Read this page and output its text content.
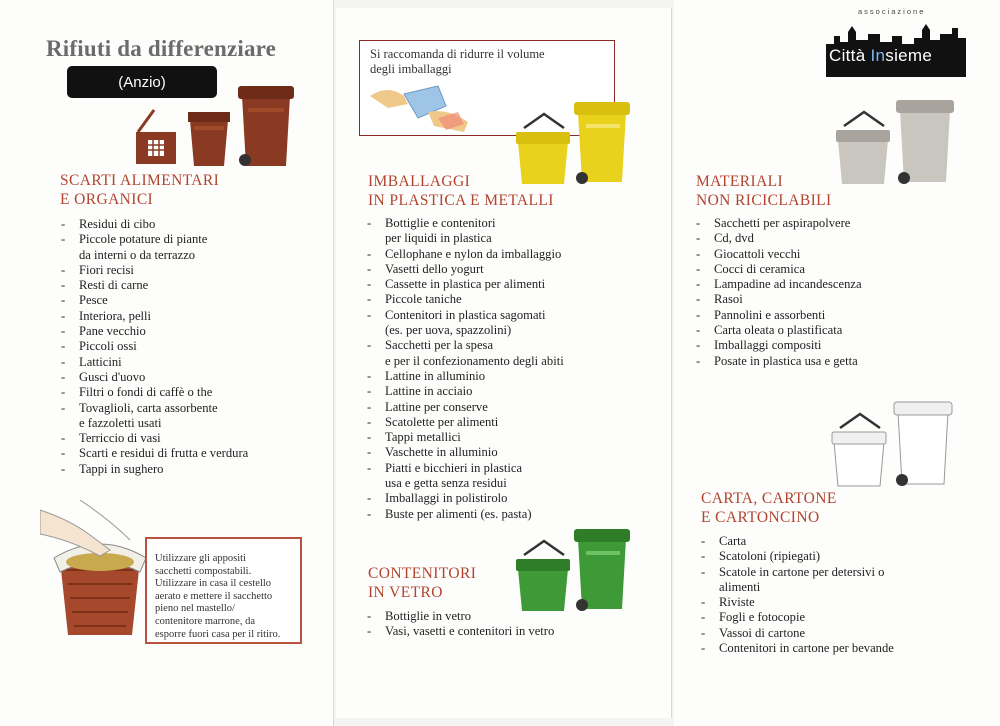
Rifiuti da differenziare
(Anzio)
SCARTI ALIMENTARI
E ORGANICI
- Residui di cibo
- Piccole potature di piante
da interni o da terrazzo
- Fiori recisi
- Resti di carne
- Pesce
- Interiora, pelli
- Pane vecchio
- Piccoli ossi
- Latticini
- Gusci d'uovo
- Filtri o fondi di caffè o the
- Tovaglioli, carta assorbente
e fazzoletti usati
- Terriccio di vasi
- Scarti e residui di frutta e verdura
- Tappi in sughero
Utilizzare gli appositi
sacchetti compostabili.
Utilizzare in casa il cestello
aerato e mettere il sacchetto
pieno nel mastello/
contenitore marrone, da
esporre fuori casa per il ritiro.
Si raccomanda di ridurre il volume
degli imballaggi
IMBALLAGGI
IN PLASTICA E METALLI
- Bottiglie e contenitori
per liquidi in plastica
- Cellophane e nylon da imballaggio
- Vasetti dello yogurt
- Cassette in plastica per alimenti
- Piccole taniche
- Contenitori in plastica sagomati
(es. per uova, spazzolini)
- Sacchetti per la spesa
e per il confezionamento degli abiti
- Lattine in alluminio
- Lattine in acciaio
- Lattine per conserve
- Scatolette per alimenti
- Tappi metallici
- Vaschette in alluminio
- Piatti e bicchieri in plastica
usa e getta senza residui
- Imballaggi in polistirolo
- Buste per alimenti (es. pasta)
CONTENITORI
IN VETRO
- Bottiglie in vetro
- Vasi, vasetti e contenitori in vetro
associazione
Città Insieme
MATERIALI
NON RICICLABILI
- Sacchetti per aspirapolvere
- Cd, dvd
- Giocattoli vecchi
- Cocci di ceramica
- Lampadine ad incandescenza
- Rasoi
- Pannolini e assorbenti
- Carta oleata o plastificata
- Imballaggi compositi
- Posate in plastica usa e getta
CARTA, CARTONE
E CARTONCINO
- Carta
- Scatoloni (ripiegati)
- Scatole in cartone per detersivi o
alimenti
- Riviste
- Fogli e fotocopie
- Vassoi di cartone
- Contenitori in cartone per bevande
